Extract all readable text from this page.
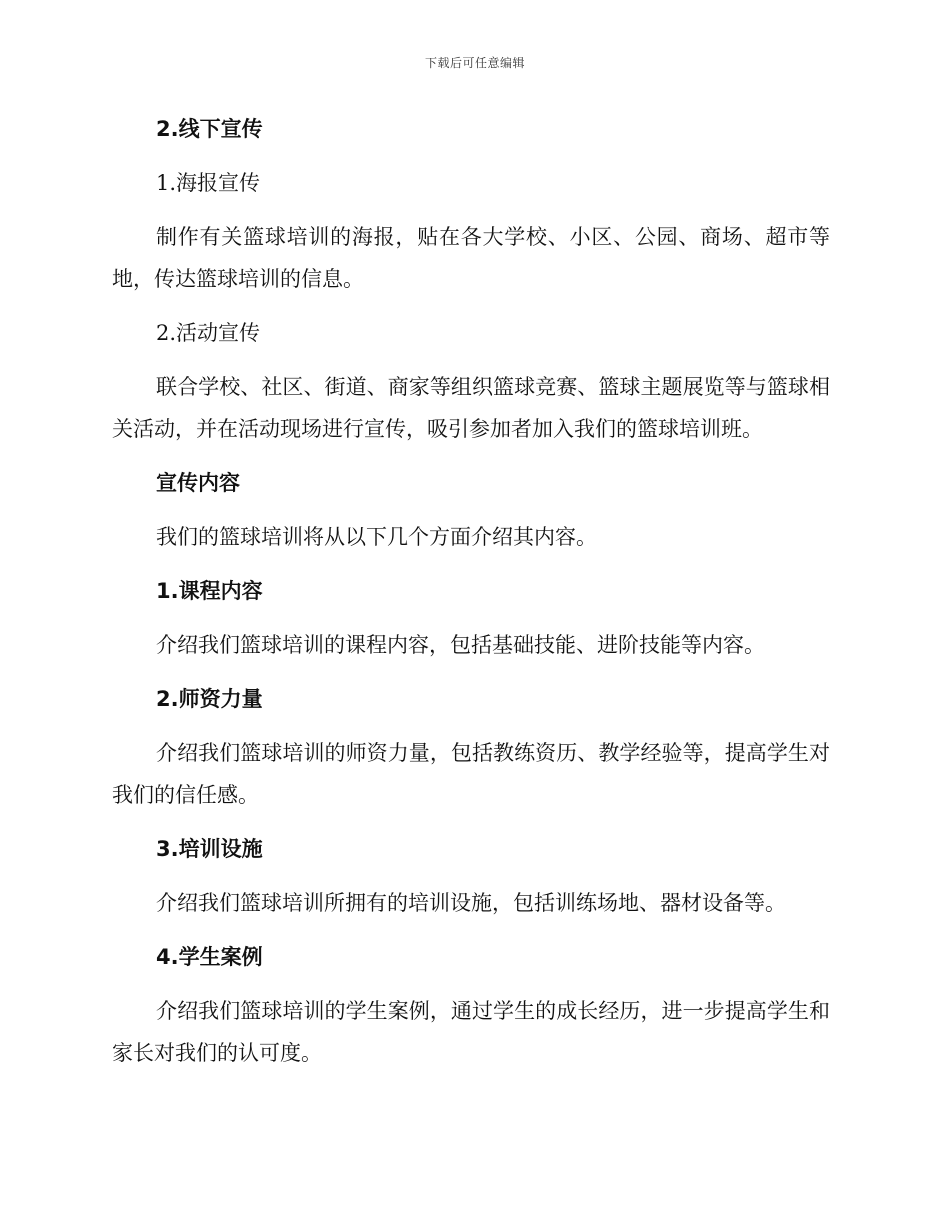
下载后可任意编辑
2.线下宣传
1.海报宣传
制作有关篮球培训的海报，贴在各大学校、小区、公园、商场、超市等地，传达篮球培训的信息。
2.活动宣传
联合学校、社区、街道、商家等组织篮球竞赛、篮球主题展览等与篮球相关活动，并在活动现场进行宣传，吸引参加者加入我们的篮球培训班。
宣传内容
我们的篮球培训将从以下几个方面介绍其内容。
1.课程内容
介绍我们篮球培训的课程内容，包括基础技能、进阶技能等内容。
2.师资力量
介绍我们篮球培训的师资力量，包括教练资历、教学经验等，提高学生对我们的信任感。
3.培训设施
介绍我们篮球培训所拥有的培训设施，包括训练场地、器材设备等。
4.学生案例
介绍我们篮球培训的学生案例，通过学生的成长经历，进一步提高学生和家长对我们的认可度。
